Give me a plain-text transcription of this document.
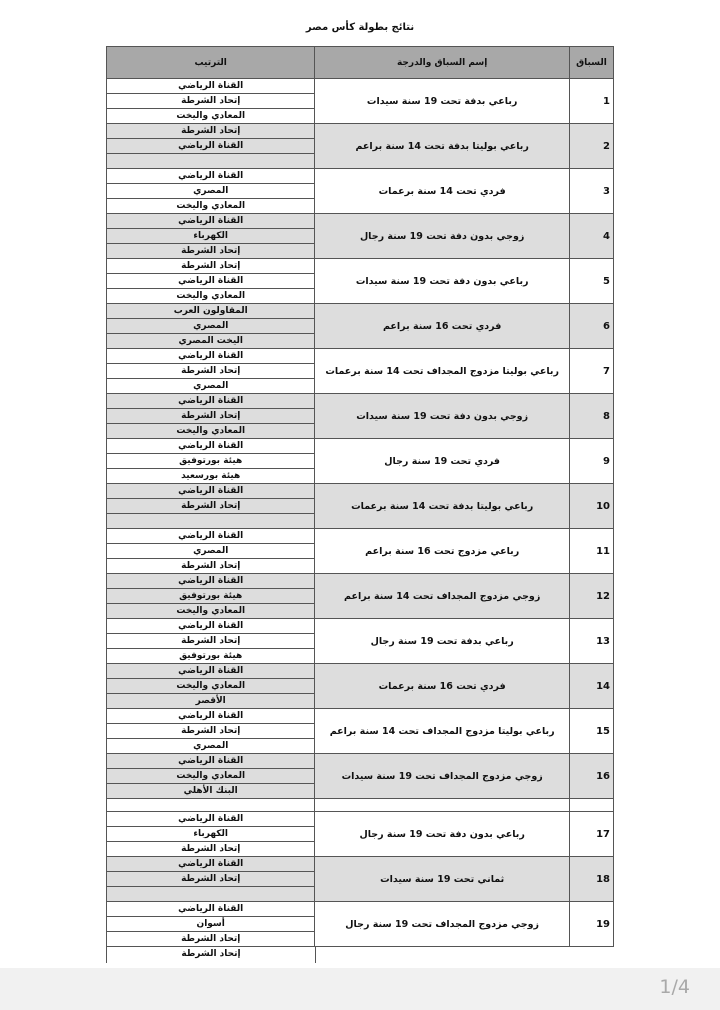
نتائج بطولة كأس مصر
الترتيب	إسم السباق والدرجة	السباق

القناة الرياضي
إتحاد الشرطة
المعادي واليخت	رباعي بدفة تحت 19 سنة سيدات	1

إتحاد الشرطة
القناة الرياضي	رباعي بوليتا بدفة تحت 14 سنة براعم	2

القناة الرياضي
المصري
المعادي واليخت	فردي تحت 14 سنة برعمات	3

القناة الرياضي
الكهرباء
إتحاد الشرطة	زوجي بدون دفة تحت 19 سنة رجال	4

إتحاد الشرطة
القناة الرياضي
المعادي واليخت	رباعي بدون دفة تحت 19 سنة سيدات	5

المقاولون العرب
المصري
اليخت المصري	فردي تحت 16 سنة براعم	6

القناة الرياضي
إتحاد الشرطة
المصري	رباعي بوليتا مزدوج المجداف تحت 14 سنة برعمات	7

القناة الرياضي
إتحاد الشرطة
المعادي واليخت	زوجي بدون دفة تحت 19 سنة سيدات	8

القناة الرياضي
هيئة بورتوفيق
هيئة بورسعيد	فردي تحت 19 سنة رجال	9

القناة الرياضي
إتحاد الشرطة	رباعي بوليتا بدفة تحت 14 سنة برعمات	10

القناة الرياضي
المصري
إتحاد الشرطة	رباعي مزدوج تحت 16 سنة براعم	11

القناة الرياضي
هيئة بورتوفيق
المعادي واليخت	زوجي مزدوج المجداف تحت 14 سنة براعم	12

القناة الرياضي
إتحاد الشرطة
هيئة بورتوفيق	رباعي بدفة تحت 19 سنة رجال	13

القناة الرياضي
المعادي واليخت
الأقصر	فردي تحت 16 سنة برعمات	14

القناة الرياضي
إتحاد الشرطة
المصري	رباعي بوليتا مزدوج المجداف تحت 14 سنة براعم	15

القناة الرياضي
المعادي واليخت
البنك الأهلي	زوجي مزدوج المجداف تحت 19 سنة سيدات	16

القناة الرياضي
الكهرباء
إتحاد الشرطة	رباعي بدون دفة تحت 19 سنة رجال	17

القناة الرياضي
إتحاد الشرطة	ثماني تحت 19 سنة سيدات	18

القناة الرياضي
أسوان
إتحاد الشرطة	زوجي مزدوج المجداف تحت 19 سنة رجال	19
إتحاد الشرطة
1/4
